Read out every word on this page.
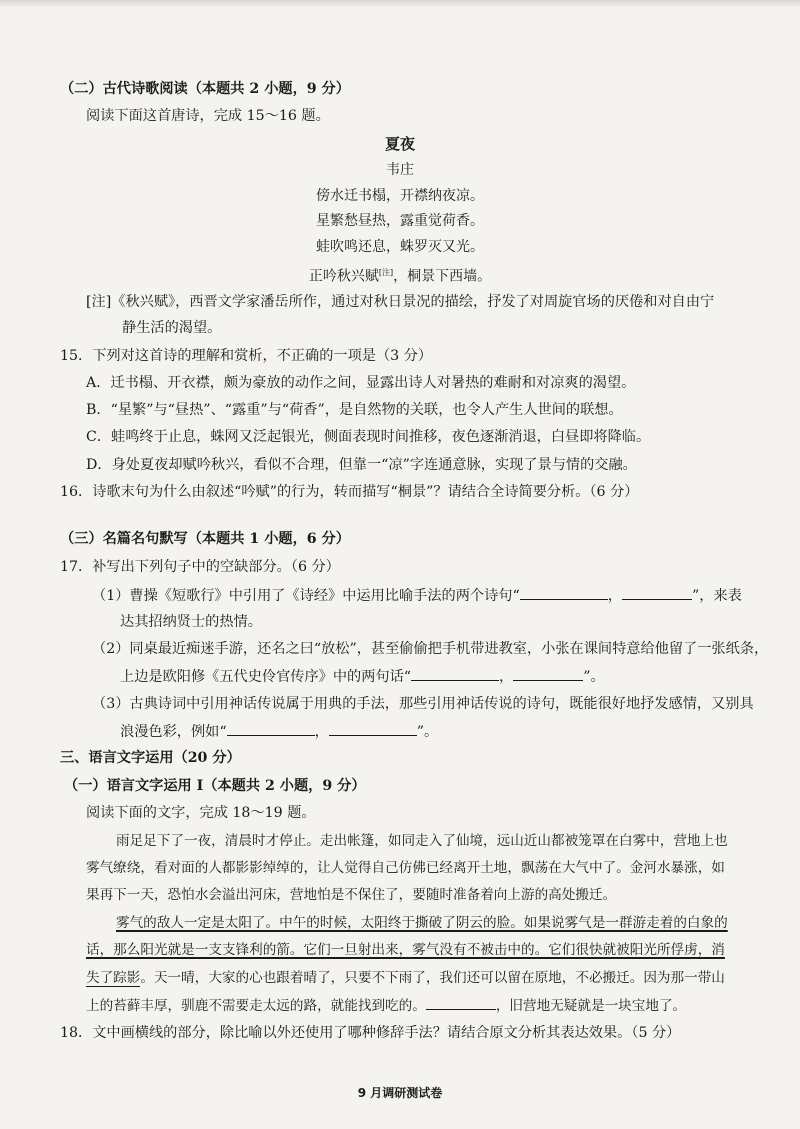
（二）古代诗歌阅读（本题共 2 小题，9 分）
阅读下面这首唐诗，完成 15～16 题。
夏夜
韦庄
傍水迁书榻，开襟纳夜凉。
星繁愁昼热，露重觉荷香。
蛙吹鸣还息，蛛罗灭又光。
正吟秋兴赋[注]，桐景下西墙。
[注]《秋兴赋》，西晋文学家潘岳所作，通过对秋日景况的描绘，抒发了对周旋官场的厌倦和对自由宁
静生活的渴望。
15．下列对这首诗的理解和赏析，不正确的一项是（3 分）
A．迁书榻、开衣襟，颇为豪放的动作之间，显露出诗人对暑热的难耐和对凉爽的渴望。
B．“星繁”与“昼热”、“露重”与“荷香”，是自然物的关联，也令人产生人世间的联想。
C．蛙鸣终于止息，蛛网又泛起银光，侧面表现时间推移，夜色逐渐消退，白昼即将降临。
D．身处夏夜却赋吟秋兴，看似不合理，但靠一“凉”字连通意脉，实现了景与情的交融。
16．诗歌末句为什么由叙述“吟赋”的行为，转而描写“桐景”？请结合全诗简要分析。（6 分）
（三）名篇名句默写（本题共 1 小题，6 分）
17．补写出下列句子中的空缺部分。（6 分）
（1）曹操《短歌行》中引用了《诗经》中运用比喻手法的两个诗句“	，	”，来表
达其招纳贤士的热情。
（2）同桌最近痴迷手游，还名之曰“放松”，甚至偷偷把手机带进教室，小张在课间特意给他留了一张纸条，
上边是欧阳修《五代史伶官传序》中的两句话“	，	”。
（3）古典诗词中引用神话传说属于用典的手法，那些引用神话传说的诗句，既能很好地抒发感情，又别具
浪漫色彩，例如“	，	”。
三、语言文字运用（20 分）
（一）语言文字运用 I（本题共 2 小题，9 分）
阅读下面的文字，完成 18～19 题。
雨足足下了一夜，清晨时才停止。走出帐篷，如同走入了仙境，远山近山都被笼罩在白雾中，营地上也
雾气缭绕，看对面的人都影影绰绰的，让人觉得自己仿佛已经离开土地，飘荡在大气中了。金河水暴涨，如
果再下一天，恐怕水会溢出河床，营地怕是不保住了，要随时准备着向上游的高处搬迁。
雾气的敌人一定是太阳了。中午的时候，太阳终于撕破了阴云的脸。如果说雾气是一群游走着的白象的
话，那么阳光就是一支支锋利的箭。它们一旦射出来，雾气没有不被击中的。它们很快就被阳光所俘虏，消
失了踪影。天一晴，大家的心也跟着晴了，只要不下雨了，我们还可以留在原地，不必搬迁。因为那一带山
上的苔藓丰厚，驯鹿不需要走太远的路，就能找到吃的。	，旧营地无疑就是一块宝地了。
18．文中画横线的部分，除比喻以外还使用了哪种修辞手法？请结合原文分析其表达效果。（5 分）
9 月调研测试卷
